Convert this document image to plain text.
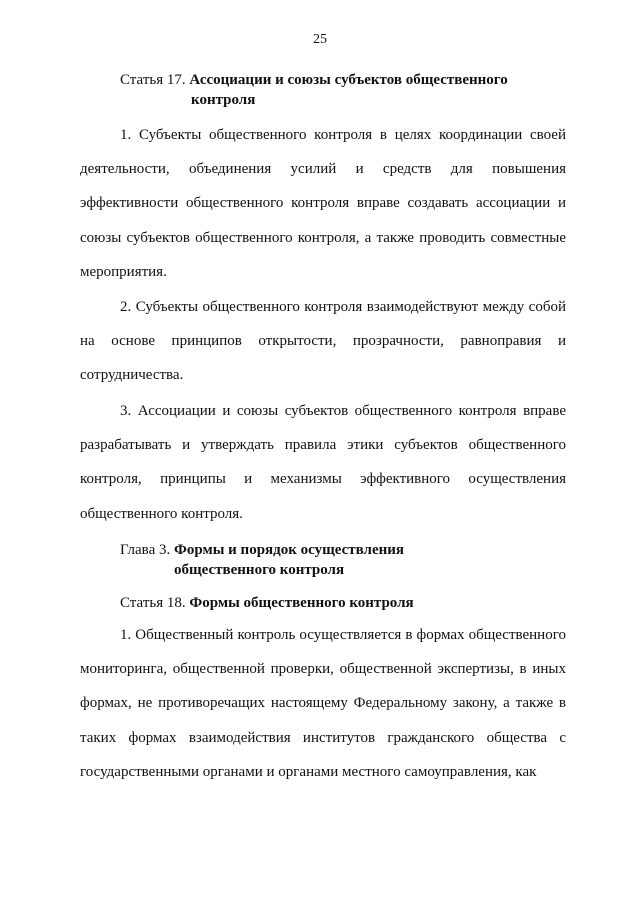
25
Статья 17. Ассоциации и союзы субъектов общественного
контроля
1. Субъекты общественного контроля в целях координации своей деятельности, объединения усилий и средств для повышения эффективности общественного контроля вправе создавать ассоциации и союзы субъектов общественного контроля, а также проводить совместные мероприятия.
2. Субъекты общественного контроля взаимодействуют между собой на основе принципов открытости, прозрачности, равноправия и сотрудничества.
3. Ассоциации и союзы субъектов общественного контроля вправе разрабатывать и утверждать правила этики субъектов общественного контроля, принципы и механизмы эффективного осуществления общественного контроля.
Глава 3. Формы и порядок осуществления
общественного контроля
Статья 18. Формы общественного контроля
1. Общественный контроль осуществляется в формах общественного мониторинга, общественной проверки, общественной экспертизы, в иных формах, не противоречащих настоящему Федеральному закону, а также в таких формах взаимодействия институтов гражданского общества с государственными органами и органами местного самоуправления, как
